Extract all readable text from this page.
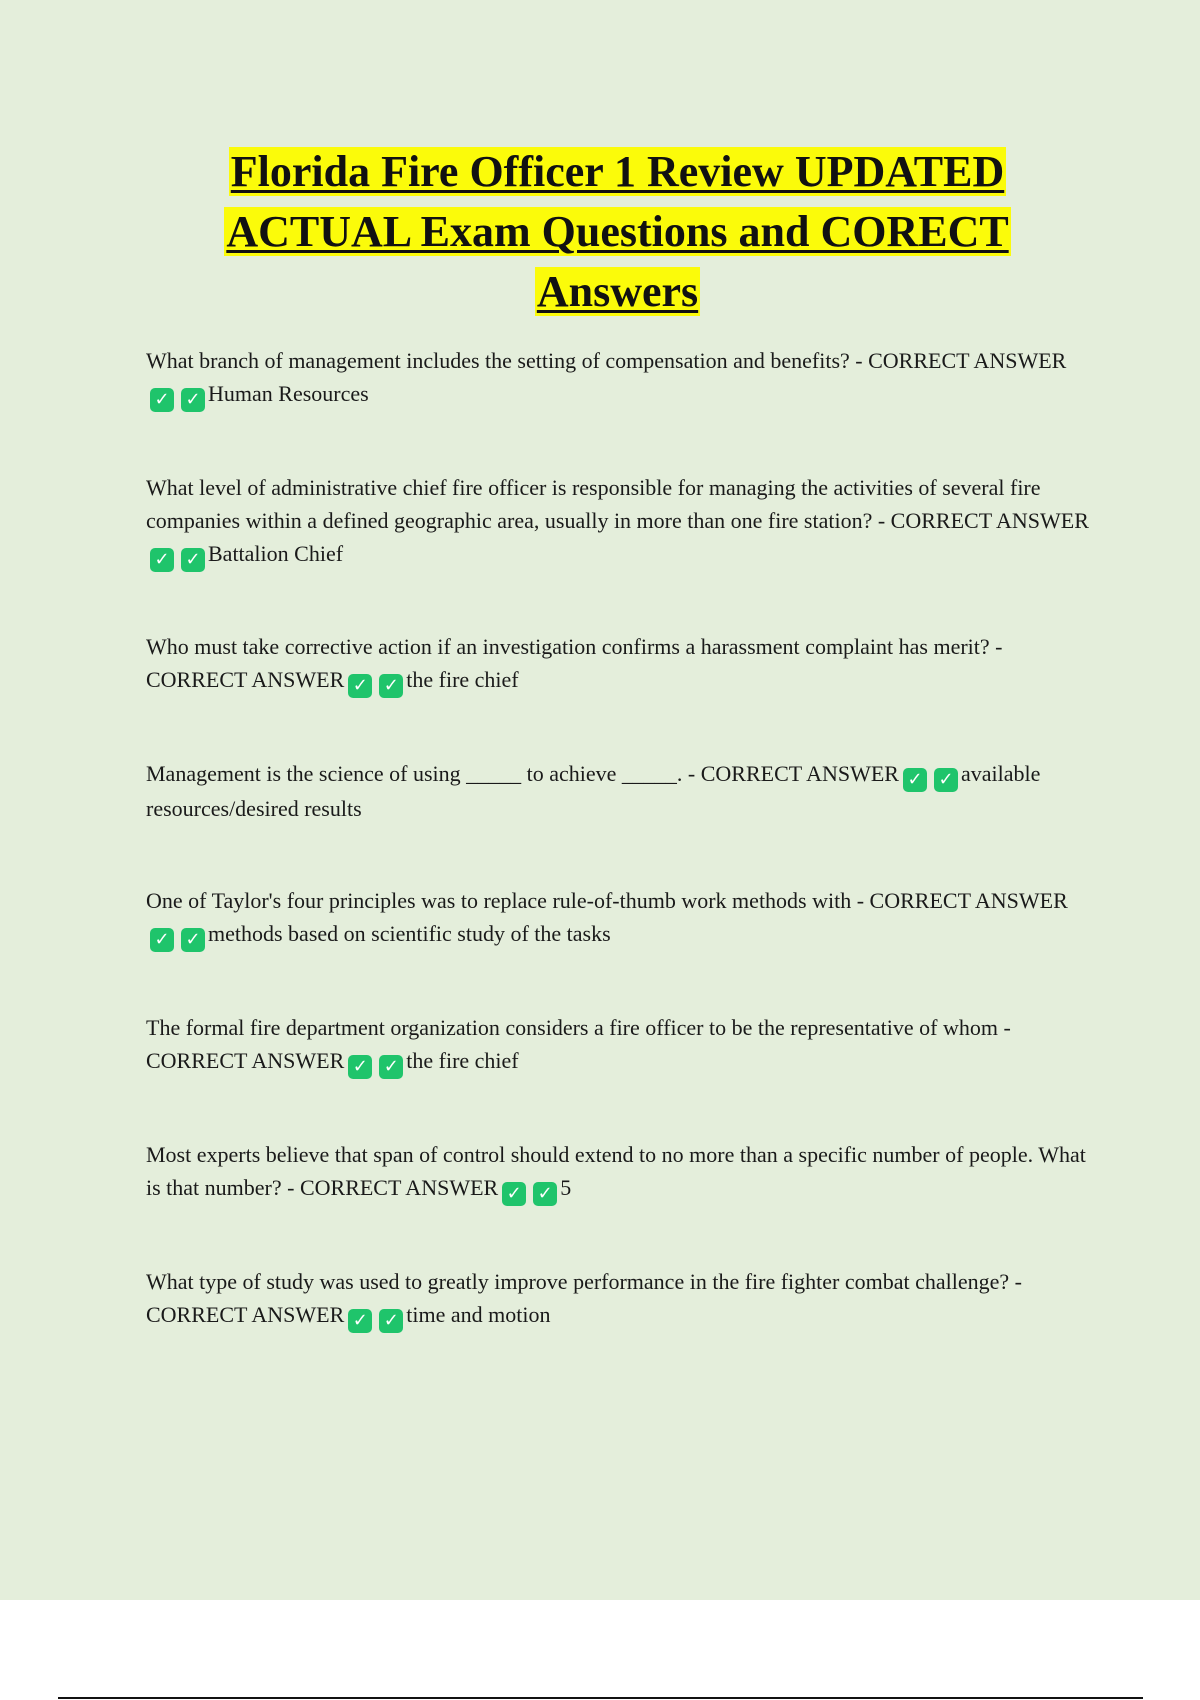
Florida Fire Officer 1 Review UPDATED ACTUAL Exam Questions and CORECT Answers
What branch of management includes the setting of compensation and benefits? - CORRECT ANSWER✓ ✓ Human Resources
What level of administrative chief fire officer is responsible for managing the activities of several fire companies within a defined geographic area, usually in more than one fire station? - CORRECT ANSWER✓ ✓ Battalion Chief
Who must take corrective action if an investigation confirms a harassment complaint has merit? - CORRECT ANSWER ✓ ✓ the fire chief
Management is the science of using _____ to achieve _____. - CORRECT ANSWER ✓ ✓ available resources/desired results
One of Taylor's four principles was to replace rule-of-thumb work methods with - CORRECT ANSWER✓ ✓ methods based on scientific study of the tasks
The formal fire department organization considers a fire officer to be the representative of whom - CORRECT ANSWER ✓ ✓ the fire chief
Most experts believe that span of control should extend to no more than a specific number of people. What is that number? - CORRECT ANSWER ✓ ✓ 5
What type of study was used to greatly improve performance in the fire fighter combat challenge? - CORRECT ANSWER ✓ ✓ time and motion
